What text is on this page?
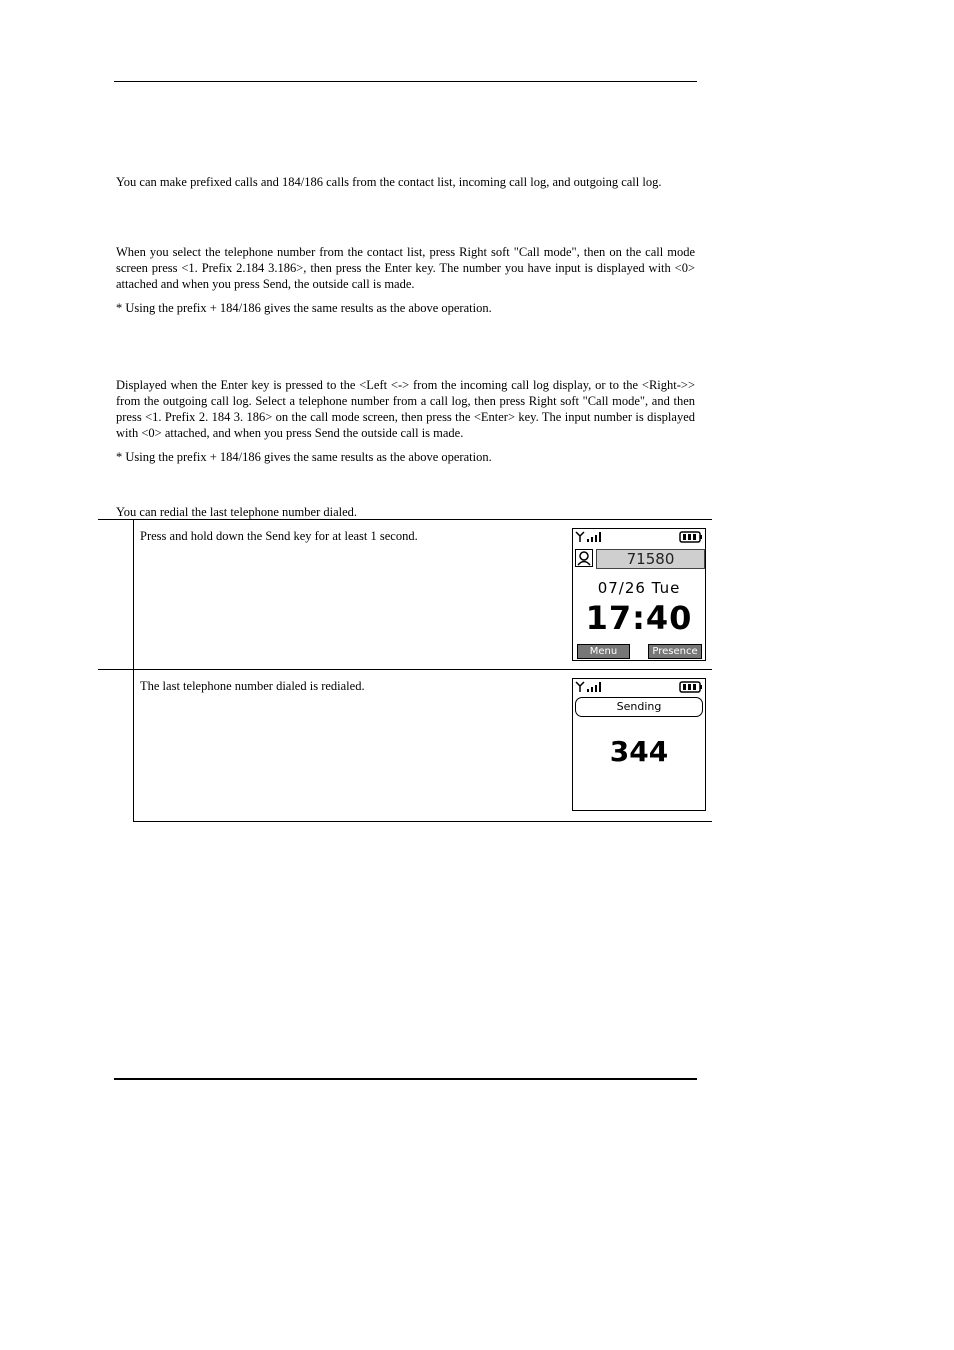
You can make prefixed calls and 184/186 calls from the contact list, incoming call log, and outgoing call log.

When you select the telephone number from the contact list, press Right soft "Call mode", then on the call mode screen press <1. Prefix 2.184 3.186>, then press the Enter key. The number you have input is displayed with <0> attached and when you press Send, the outside call is made.

* Using the prefix + 184/186 gives the same results as the above operation.

Displayed when the Enter key is pressed to the <Left <-> from the incoming call log display, or to the <Right->> from the outgoing call log. Select a telephone number from a call log, then press Right soft "Call mode", and then press <1. Prefix 2. 184 3. 186> on the call mode screen, then press the <Enter> key. The input number is displayed with <0> attached, and when you press Send the outside call is made.

* Using the prefix + 184/186 gives the same results as the above operation.

You can redial the last telephone number dialed.

Press and hold down the Send key for at least 1 second.

The last telephone number dialed is redialed.

71580
07/26 Tue
17:40
Menu	Presence
Sending
344
